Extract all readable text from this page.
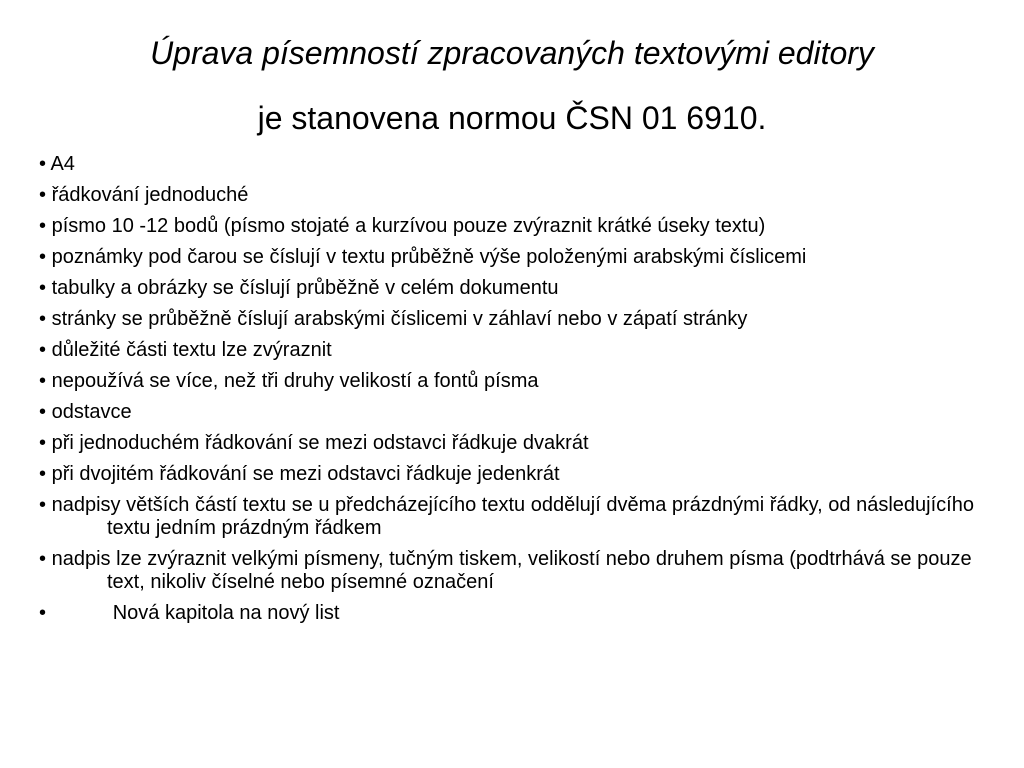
Úprava písemností zpracovaných textovými editory
je stanovena normou ČSN 01 6910.
• A4
• řádkování jednoduché
• písmo 10 -12 bodů (písmo stojaté a kurzívou pouze zvýraznit krátké úseky textu)
• poznámky pod čarou se číslují v textu průběžně výše položenými arabskými číslicemi
• tabulky a obrázky se číslují průběžně v celém dokumentu
• stránky se průběžně číslují arabskými číslicemi v záhlaví nebo v zápatí stránky
• důležité části textu lze zvýraznit
• nepoužívá se více, než tři druhy velikostí a fontů písma
• odstavce
• při jednoduchém řádkování se mezi odstavci řádkuje dvakrát
• při dvojitém řádkování se mezi odstavci řádkuje jedenkrát
• nadpisy větších částí textu se u předcházejícího textu oddělují dvěma prázdnými řádky, od následujícího textu jedním prázdným řádkem
• nadpis lze zvýraznit velkými písmeny, tučným tiskem, velikostí nebo druhem písma (podtrhává se pouze text, nikoliv číselné nebo písemné označení
•            Nová kapitola na nový list
